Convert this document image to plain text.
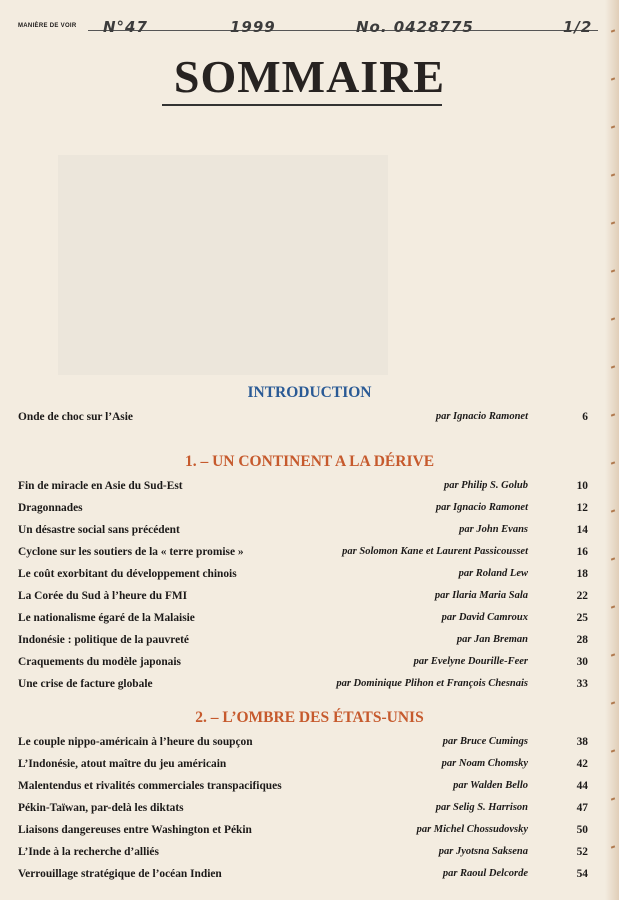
MANIÈRE DE VOIR N°47	1999	No. 0428775	1/2
SOMMAIRE
INTRODUCTION
Onde de choc sur l’Asie	par Ignacio Ramonet	6
1. – UN CONTINENT A LA DÉRIVE
Fin de miracle en Asie du Sud-Est	par Philip S. Golub	10
Dragonnades	par Ignacio Ramonet	12
Un désastre social sans précédent	par John Evans	14
Cyclone sur les soutiers de la « terre promise »	par Solomon Kane et Laurent Passicousset	16
Le coût exorbitant du développement chinois	par Roland Lew	18
La Corée du Sud à l’heure du FMI	par Ilaria Maria Sala	22
Le nationalisme égaré de la Malaisie	par David Camroux	25
Indonésie : politique de la pauvreté	par Jan Breman	28
Craquements du modèle japonais	par Evelyne Dourille-Feer	30
Une crise de facture globale	par Dominique Plihon et François Chesnais	33
2. – L’OMBRE DES ÉTATS-UNIS
Le couple nippo-américain à l’heure du soupçon	par Bruce Cumings	38
L’Indonésie, atout maître du jeu américain	par Noam Chomsky	42
Malentendus et rivalités commerciales transpacifiques	par Walden Bello	44
Pékin-Taïwan, par-delà les diktats	par Selig S. Harrison	47
Liaisons dangereuses entre Washington et Pékin	par Michel Chossudovsky	50
L’Inde à la recherche d’alliés	par Jyotsna Saksena	52
Verrouillage stratégique de l’océan Indien	par Raoul Delcorde	54
